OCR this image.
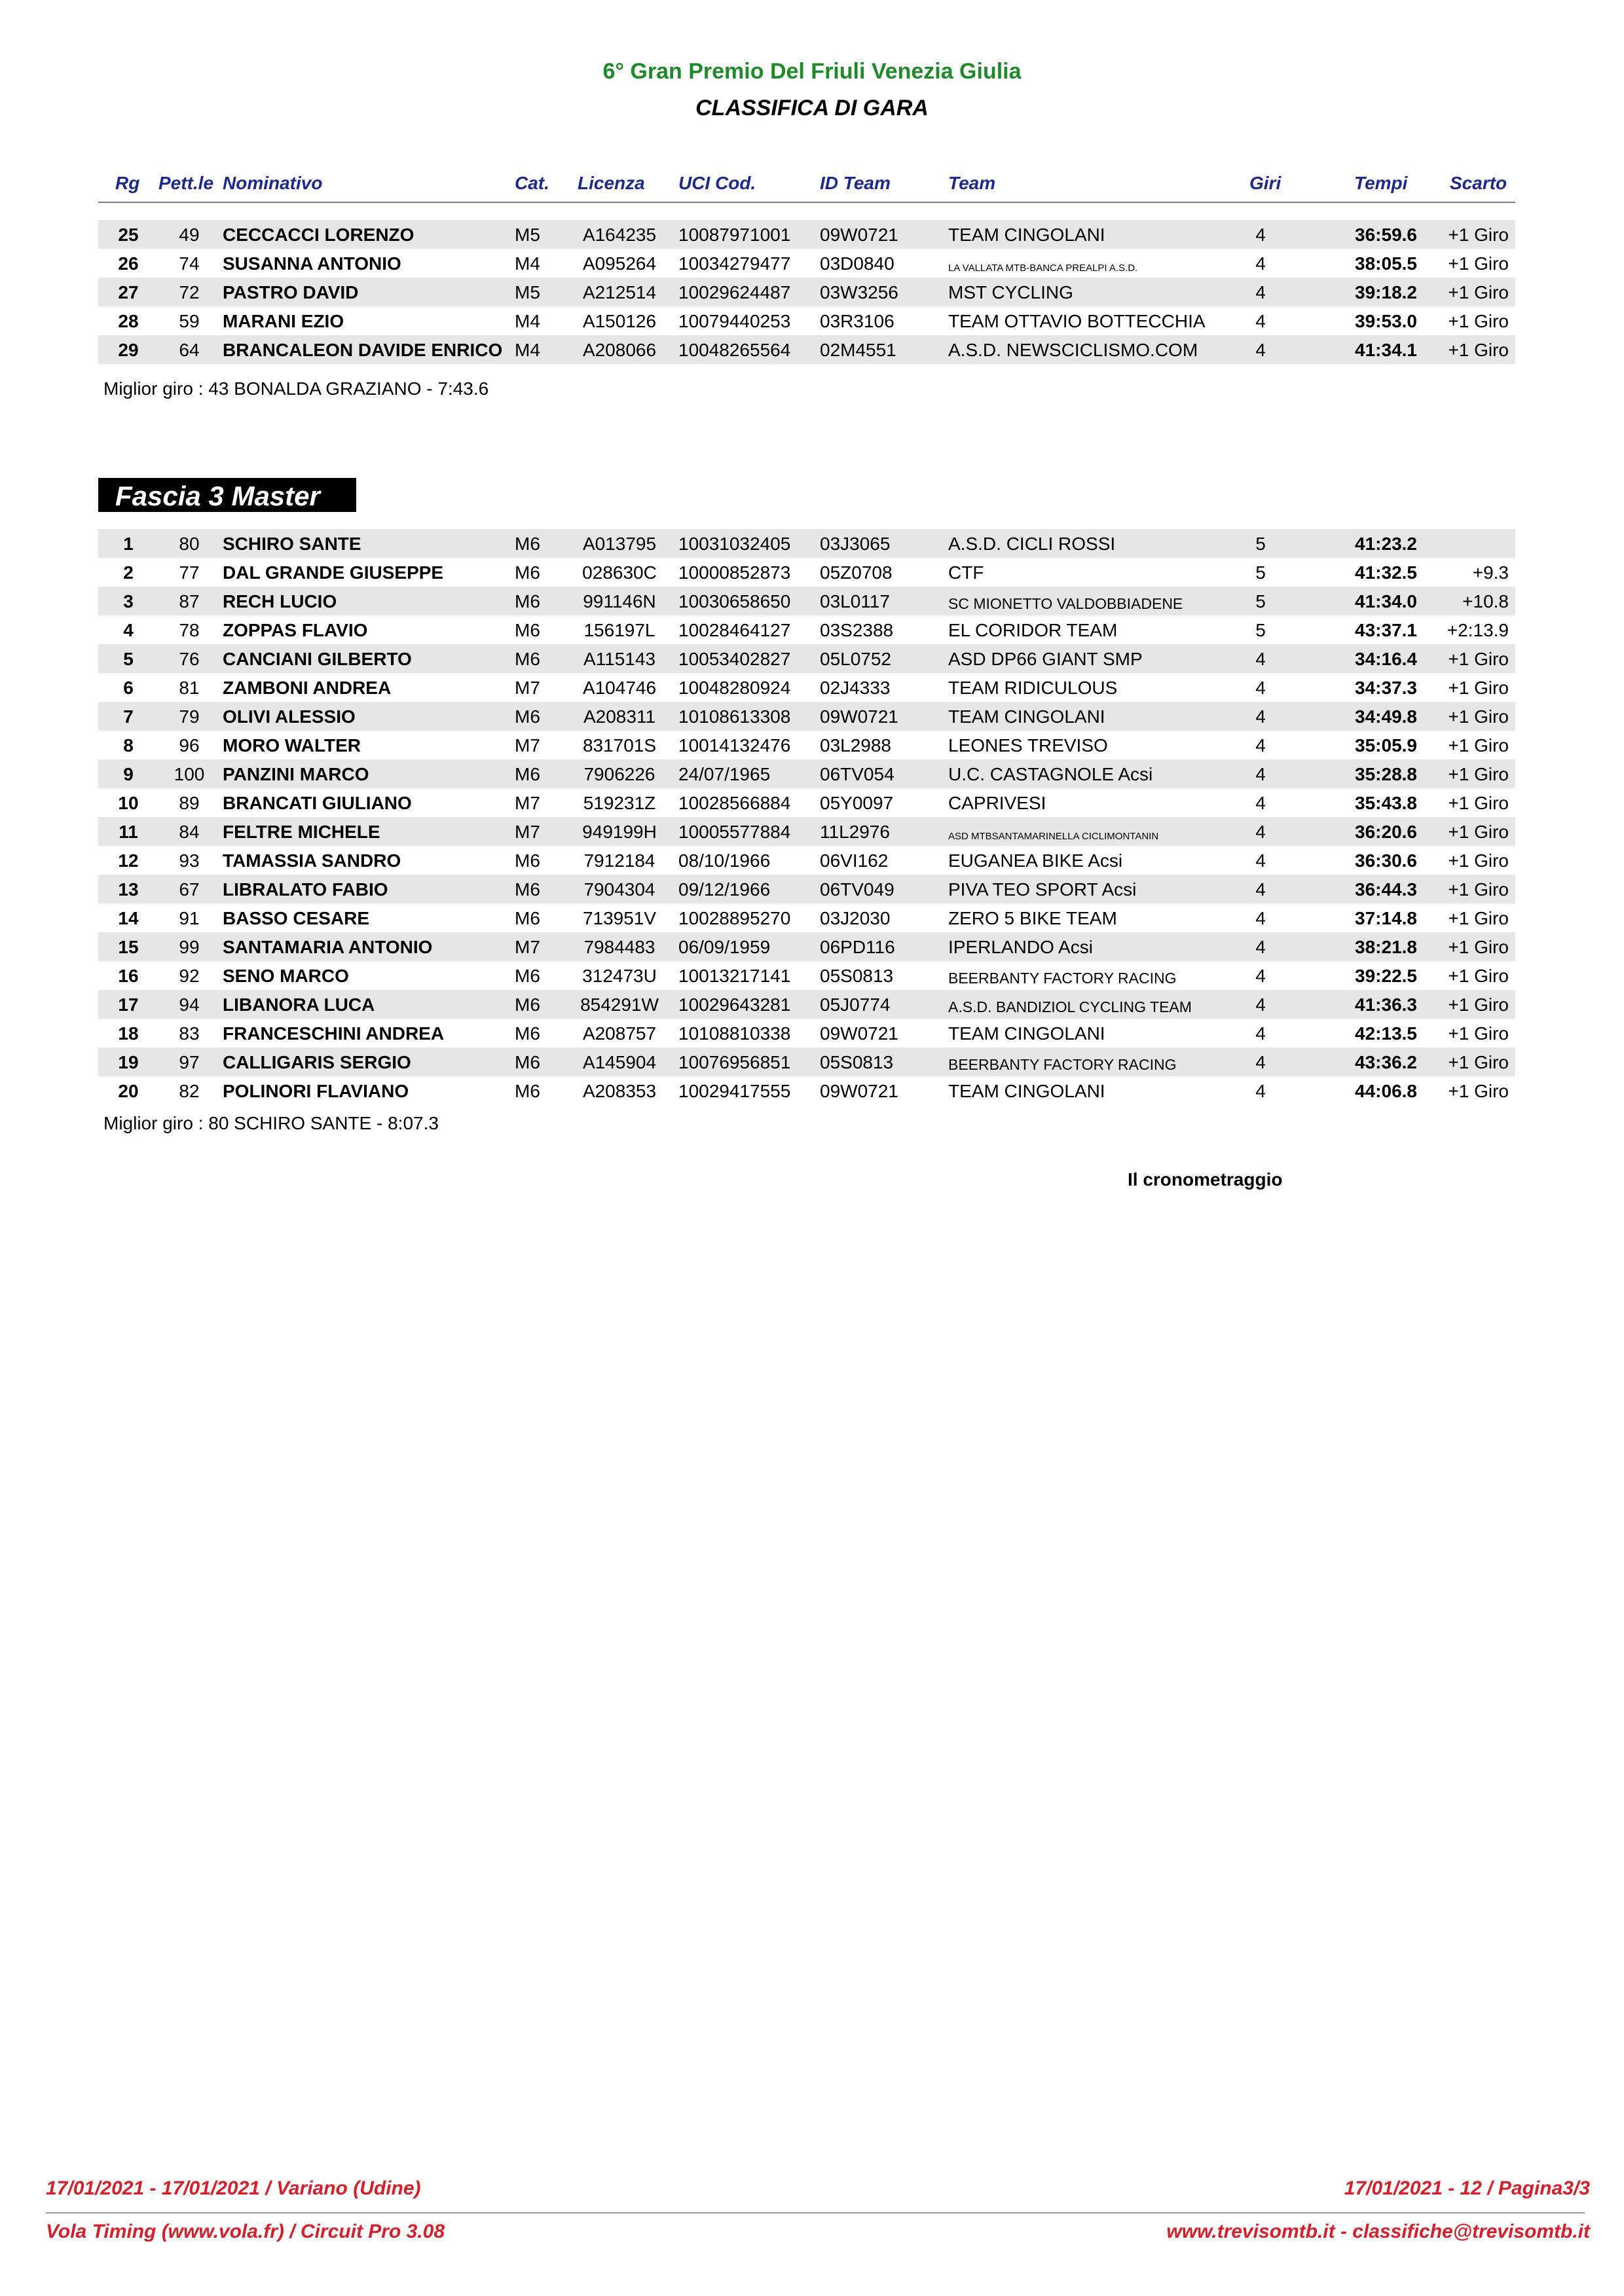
6° Gran Premio Del Friuli Venezia Giulia
CLASSIFICA DI GARA
Rg Pett.le Nominativo	Cat. Licenza UCI Cod.	ID Team	Team	Giri	Tempi Scarto
25	49	CECCACCI LORENZO	M5	A164235	10087971001 09W0721	TEAM CINGOLANI	4	36:59.6	+1 Giro
26	74	SUSANNA ANTONIO	M4	A095264	10034279477 03D0840	LA VALLATA MTB-BANCA PREALPI A.S.D.	4	38:05.5	+1 Giro
27	72	PASTRO DAVID	M5	A212514	10029624487 03W3256	MST CYCLING	4	39:18.2	+1 Giro
28	59	MARANI EZIO	M4	A150126	10079440253 03R3106	TEAM OTTAVIO BOTTECCHIA	4	39:53.0	+1 Giro
29	64	BRANCALEON DAVIDE ENRICO M4	A208066	10048265564 02M4551	A.S.D. NEWSCICLISMO.COM	4	41:34.1	+1 Giro
Miglior giro : 43 BONALDA GRAZIANO - 7:43.6
Fascia 3 Master
1	80	SCHIRO SANTE	M6	A013795	10031032405 03J3065	A.S.D. CICLI ROSSI	5	41:23.2
2	77	DAL GRANDE GIUSEPPE	M6	028630C	10000852873 05Z0708	CTF	5	41:32.5	+9.3
3	87	RECH LUCIO	M6	991146N	10030658650 03L0117	SC MIONETTO VALDOBBIADENE	5	41:34.0	+10.8
4	78	ZOPPAS FLAVIO	M6	156197L	10028464127 03S2388	EL CORIDOR TEAM	5	43:37.1	+2:13.9
5	76	CANCIANI GILBERTO	M6	A115143	10053402827 05L0752	ASD DP66 GIANT SMP	4	34:16.4	+1 Giro
6	81	ZAMBONI ANDREA	M7	A104746	10048280924 02J4333	TEAM RIDICULOUS	4	34:37.3	+1 Giro
7	79	OLIVI ALESSIO	M6	A208311	10108613308 09W0721	TEAM CINGOLANI	4	34:49.8	+1 Giro
8	96	MORO WALTER	M7	831701S	10014132476 03L2988	LEONES TREVISO	4	35:05.9	+1 Giro
9	100 PANZINI MARCO	M6	7906226	24/07/1965	06TV054	U.C. CASTAGNOLE Acsi	4	35:28.8	+1 Giro
10	89	BRANCATI GIULIANO	M7	519231Z	10028566884 05Y0097	CAPRIVESI	4	35:43.8	+1 Giro
11	84	FELTRE MICHELE	M7	949199H	10005577884 11L2976	ASD MTBSANTAMARINELLA CICLIMONTANIN	4	36:20.6	+1 Giro
12	93	TAMASSIA SANDRO	M6	7912184	08/10/1966	06VI162	EUGANEA BIKE Acsi	4	36:30.6	+1 Giro
13	67	LIBRALATO FABIO	M6	7904304	09/12/1966	06TV049	PIVA TEO SPORT Acsi	4	36:44.3	+1 Giro
14	91	BASSO CESARE	M6	713951V	10028895270 03J2030	ZERO 5 BIKE TEAM	4	37:14.8	+1 Giro
15	99	SANTAMARIA ANTONIO	M7	7984483	06/09/1959	06PD116	IPERLANDO Acsi	4	38:21.8	+1 Giro
16	92	SENO MARCO	M6	312473U	10013217141 05S0813	BEERBANTY FACTORY RACING	4	39:22.5	+1 Giro
17	94	LIBANORA LUCA	M6	854291W	10029643281 05J0774	A.S.D. BANDIZIOL CYCLING TEAM	4	41:36.3	+1 Giro
18	83	FRANCESCHINI ANDREA	M6	A208757	10108810338 09W0721	TEAM CINGOLANI	4	42:13.5	+1 Giro
19	97	CALLIGARIS SERGIO	M6	A145904	10076956851 05S0813	BEERBANTY FACTORY RACING	4	43:36.2	+1 Giro
20	82	POLINORI FLAVIANO	M6	A208353	10029417555 09W0721	TEAM CINGOLANI	4	44:06.8	+1 Giro
Miglior giro : 80 SCHIRO SANTE - 8:07.3
Il cronometraggio
17/01/2021 - 17/01/2021 / Variano (Udine)	17/01/2021 - 12 / Pagina3/3
Vola Timing (www.vola.fr) / Circuit Pro 3.08	www.trevisomtb.it - classifiche@trevisomtb.it
